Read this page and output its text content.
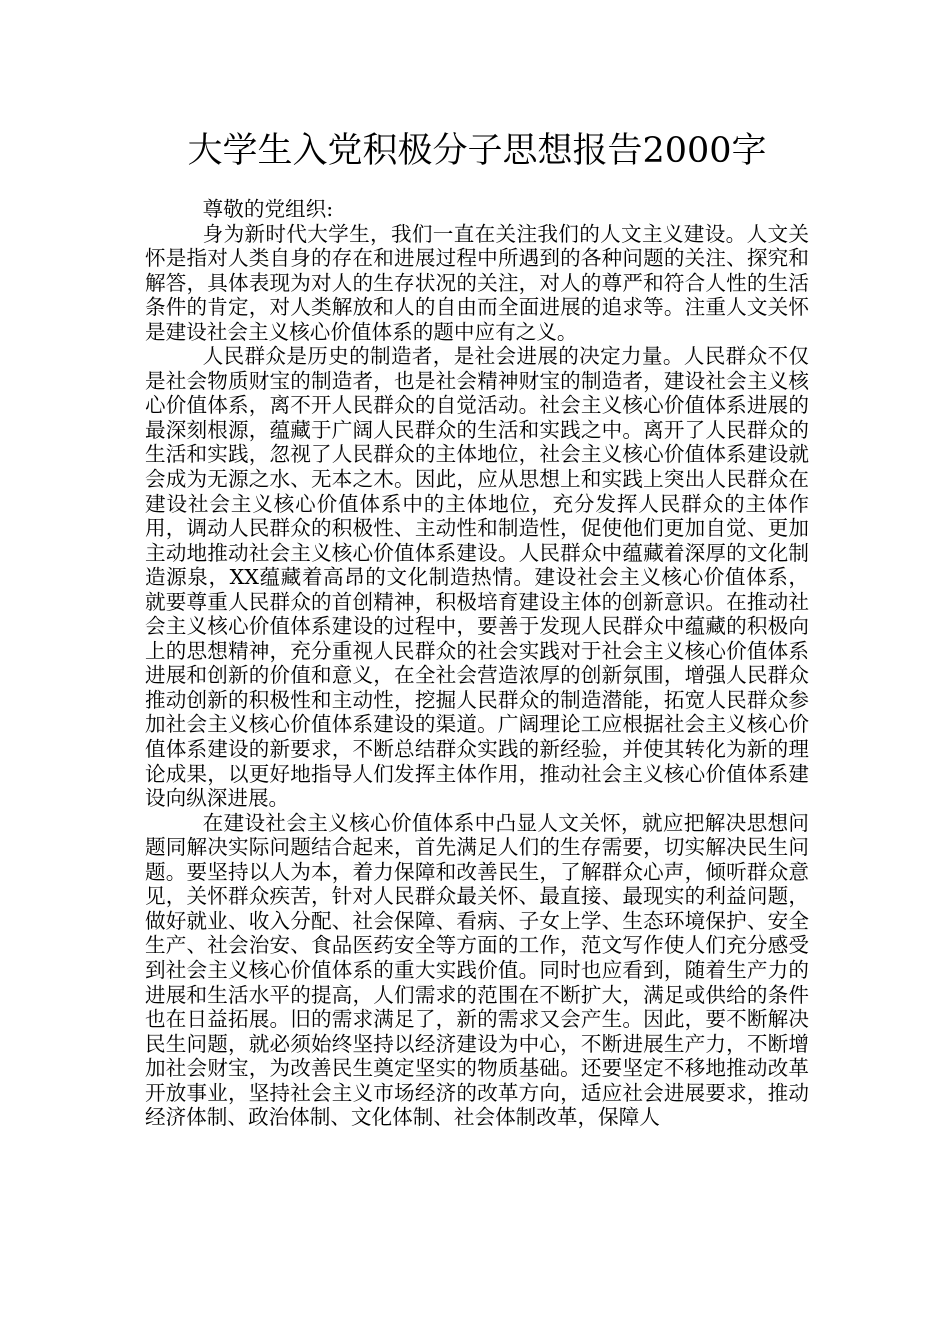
大学生入党积极分子思想报告2000字

尊敬的党组织:

身为新时代大学生，我们一直在关注我们的人文主义建设。人文关怀是指对人类自身的存在和进展过程中所遇到的各种问题的关注、探究和解答，具体表现为对人的生存状况的关注，对人的尊严和符合人性的生活条件的肯定，对人类解放和人的自由而全面进展的追求等。注重人文关怀是建设社会主义核心价值体系的题中应有之义。

人民群众是历史的制造者，是社会进展的决定力量。人民群众不仅是社会物质财宝的制造者，也是社会精神财宝的制造者，建设社会主义核心价值体系，离不开人民群众的自觉活动。社会主义核心价值体系进展的最深刻根源，蕴藏于广阔人民群众的生活和实践之中。离开了人民群众的生活和实践，忽视了人民群众的主体地位，社会主义核心价值体系建设就会成为无源之水、无本之木。因此，应从思想上和实践上突出人民群众在建设社会主义核心价值体系中的主体地位，充分发挥人民群众的主体作用，调动人民群众的积极性、主动性和制造性，促使他们更加自觉、更加主动地推动社会主义核心价值体系建设。人民群众中蕴藏着深厚的文化制造源泉，XX蕴藏着高昂的文化制造热情。建设社会主义核心价值体系，就要尊重人民群众的首创精神，积极培育建设主体的创新意识。在推动社会主义核心价值体系建设的过程中，要善于发现人民群众中蕴藏的积极向上的思想精神，充分重视人民群众的社会实践对于社会主义核心价值体系进展和创新的价值和意义，在全社会营造浓厚的创新氛围，增强人民群众推动创新的积极性和主动性，挖掘人民群众的制造潜能，拓宽人民群众参加社会主义核心价值体系建设的渠道。广阔理论工应根据社会主义核心价值体系建设的新要求，不断总结群众实践的新经验，并使其转化为新的理论成果，以更好地指导人们发挥主体作用，推动社会主义核心价值体系建设向纵深进展。

在建设社会主义核心价值体系中凸显人文关怀，就应把解决思想问题同解决实际问题结合起来，首先满足人们的生存需要，切实解决民生问题。要坚持以人为本，着力保障和改善民生，了解群众心声，倾听群众意见，关怀群众疾苦，针对人民群众最关怀、最直接、最现实的利益问题，做好就业、收入分配、社会保障、看病、子女上学、生态环境保护、安全生产、社会治安、食品医药安全等方面的工作，范文写作使人们充分感受到社会主义核心价值体系的重大实践价值。同时也应看到，随着生产力的进展和生活水平的提高，人们需求的范围在不断扩大，满足或供给的条件也在日益拓展。旧的需求满足了，新的需求又会产生。因此，要不断解决民生问题，就必须始终坚持以经济建设为中心，不断进展生产力，不断增加社会财宝，为改善民生奠定坚实的物质基础。还要坚定不移地推动改革开放事业，坚持社会主义市场经济的改革方向，适应社会进展要求，推动经济体制、政治体制、文化体制、社会体制改革，保障人
